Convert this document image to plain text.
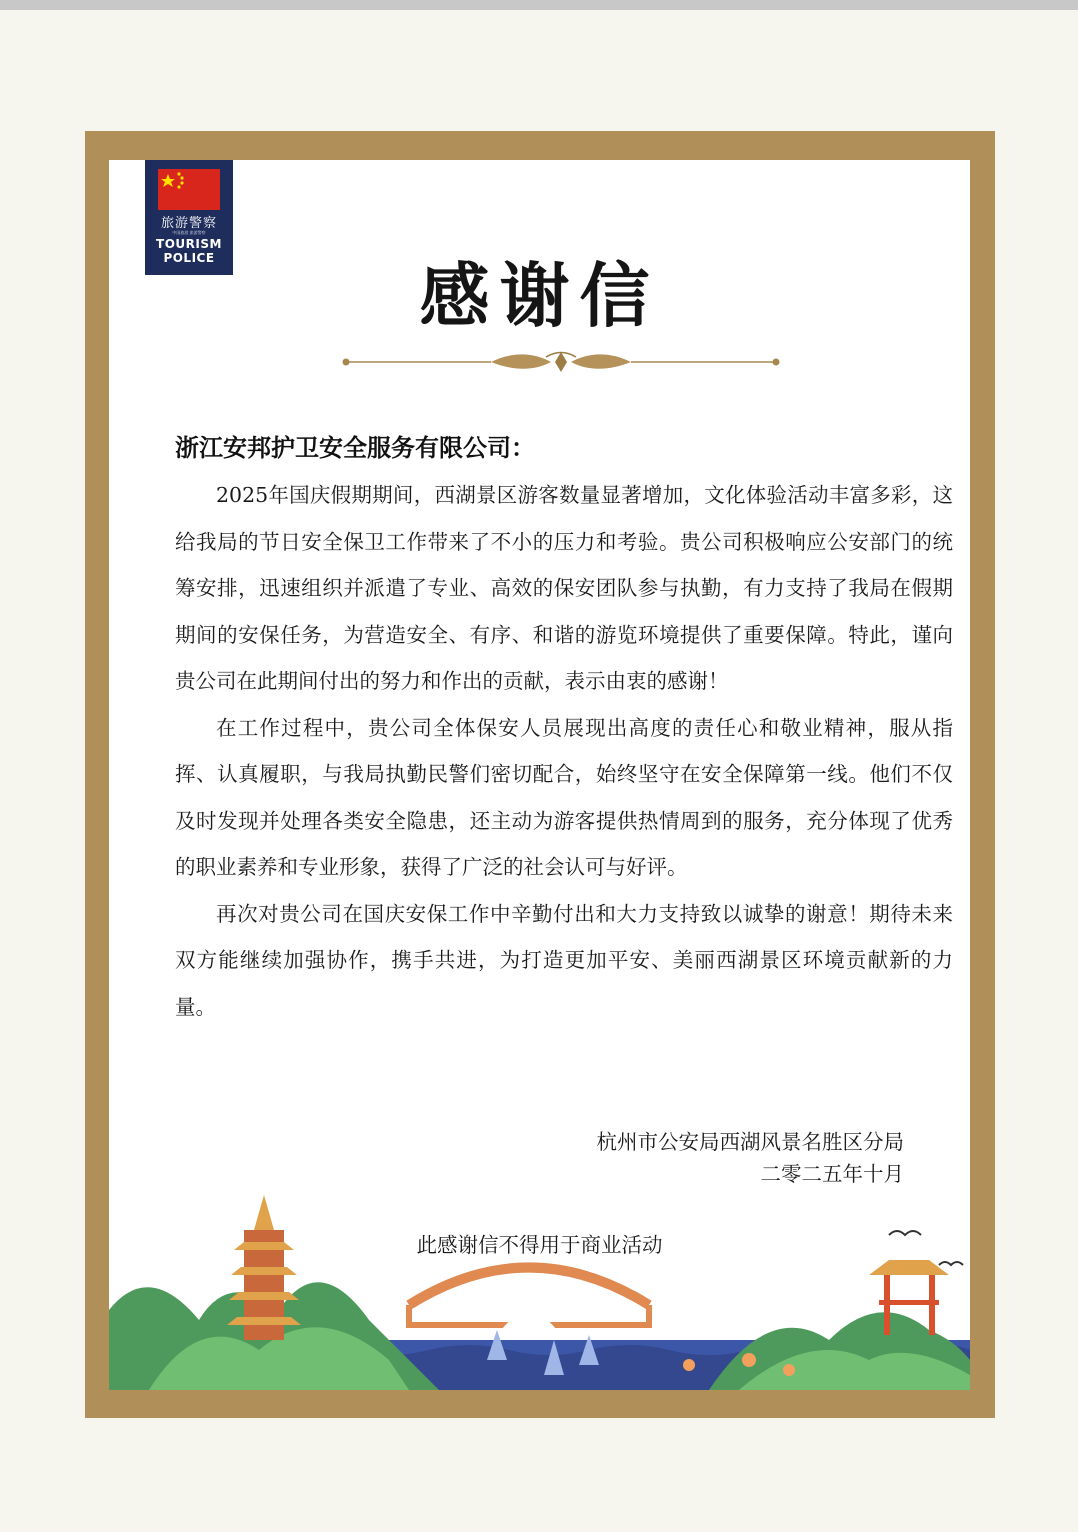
旅游警察
中国旅游 旅游警察
TOURISM
POLICE	感谢信
浙江安邦护卫安全服务有限公司：

2025年国庆假期期间，西湖景区游客数量显著增加，文化体验活动丰富多彩，这给我局的节日安全保卫工作带来了不小的压力和考验。贵公司积极响应公安部门的统筹安排，迅速组织并派遣了专业、高效的保安团队参与执勤，有力支持了我局在假期期间的安保任务，为营造安全、有序、和谐的游览环境提供了重要保障。特此，谨向贵公司在此期间付出的努力和作出的贡献，表示由衷的感谢！

在工作过程中，贵公司全体保安人员展现出高度的责任心和敬业精神，服从指挥、认真履职，与我局执勤民警们密切配合，始终坚守在安全保障第一线。他们不仅及时发现并处理各类安全隐患，还主动为游客提供热情周到的服务，充分体现了优秀的职业素养和专业形象，获得了广泛的社会认可与好评。

再次对贵公司在国庆安保工作中辛勤付出和大力支持致以诚挚的谢意！期待未来双方能继续加强协作，携手共进，为打造更加平安、美丽西湖景区环境贡献新的力量。

杭州市公安局西湖风景名胜区分局
二零二五年十月
此感谢信不得用于商业活动
